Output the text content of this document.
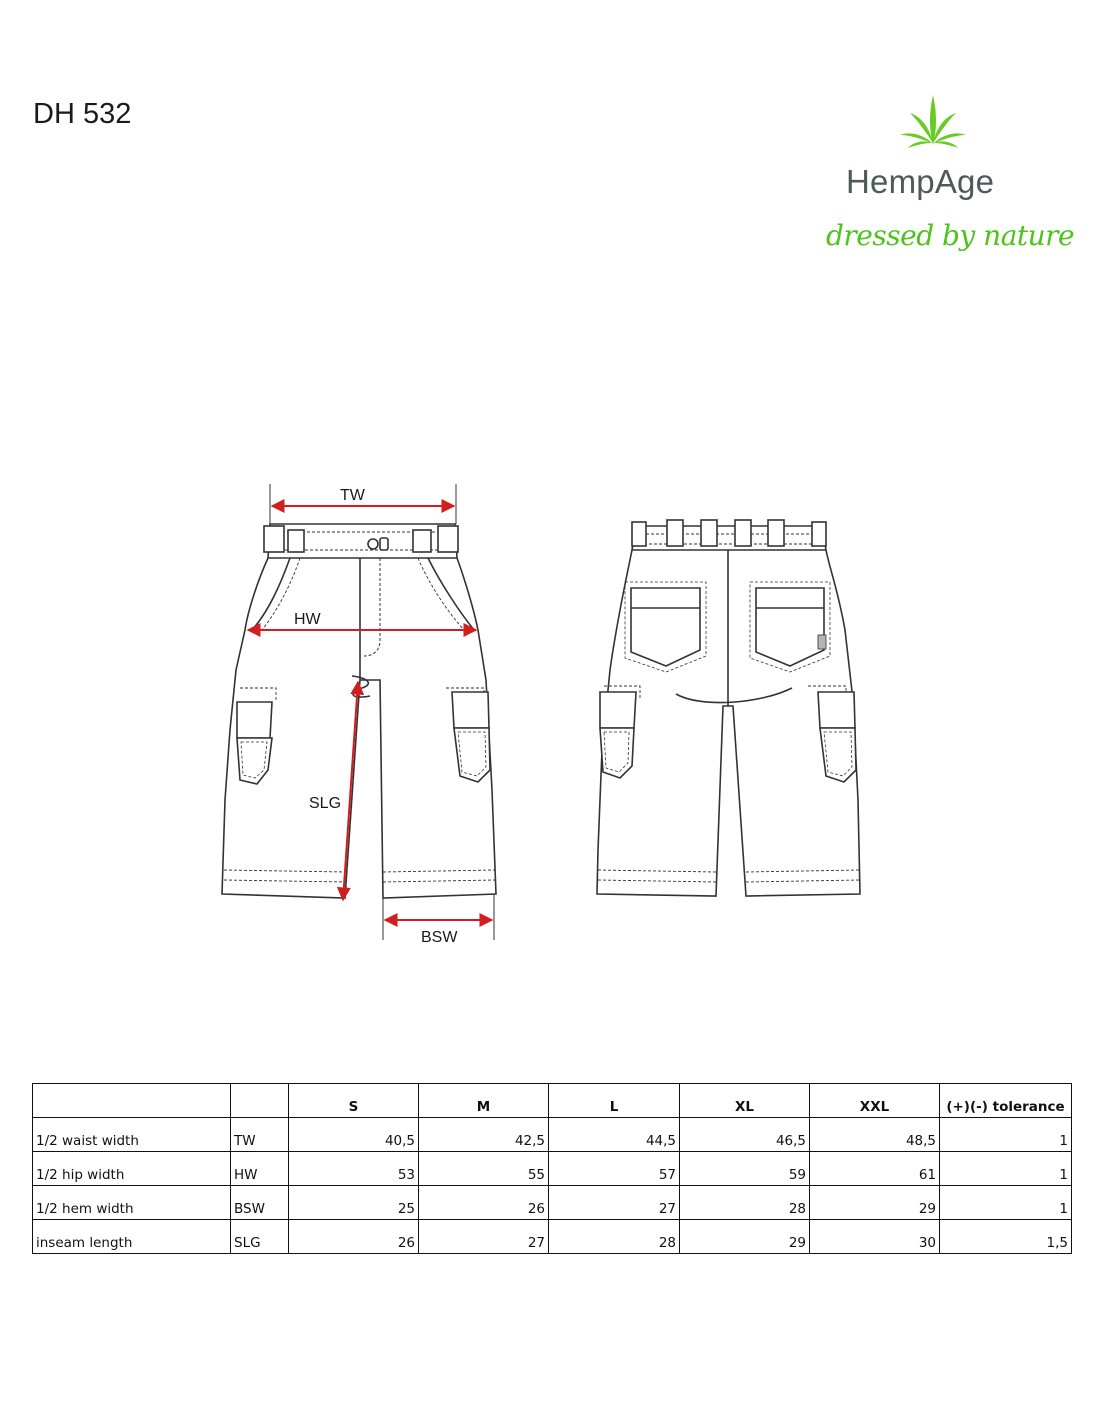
DH 532
HempAge
dressed by nature
TW
HW
SLG
BSW
		S	M	L	XL	XXL	(+)(-) tolerance
1/2 waist width	TW	40,5	42,5	44,5	46,5	48,5	1
1/2 hip width	HW	53	55	57	59	61	1
1/2 hem width	BSW	25	26	27	28	29	1
inseam length	SLG	26	27	28	29	30	1,5
